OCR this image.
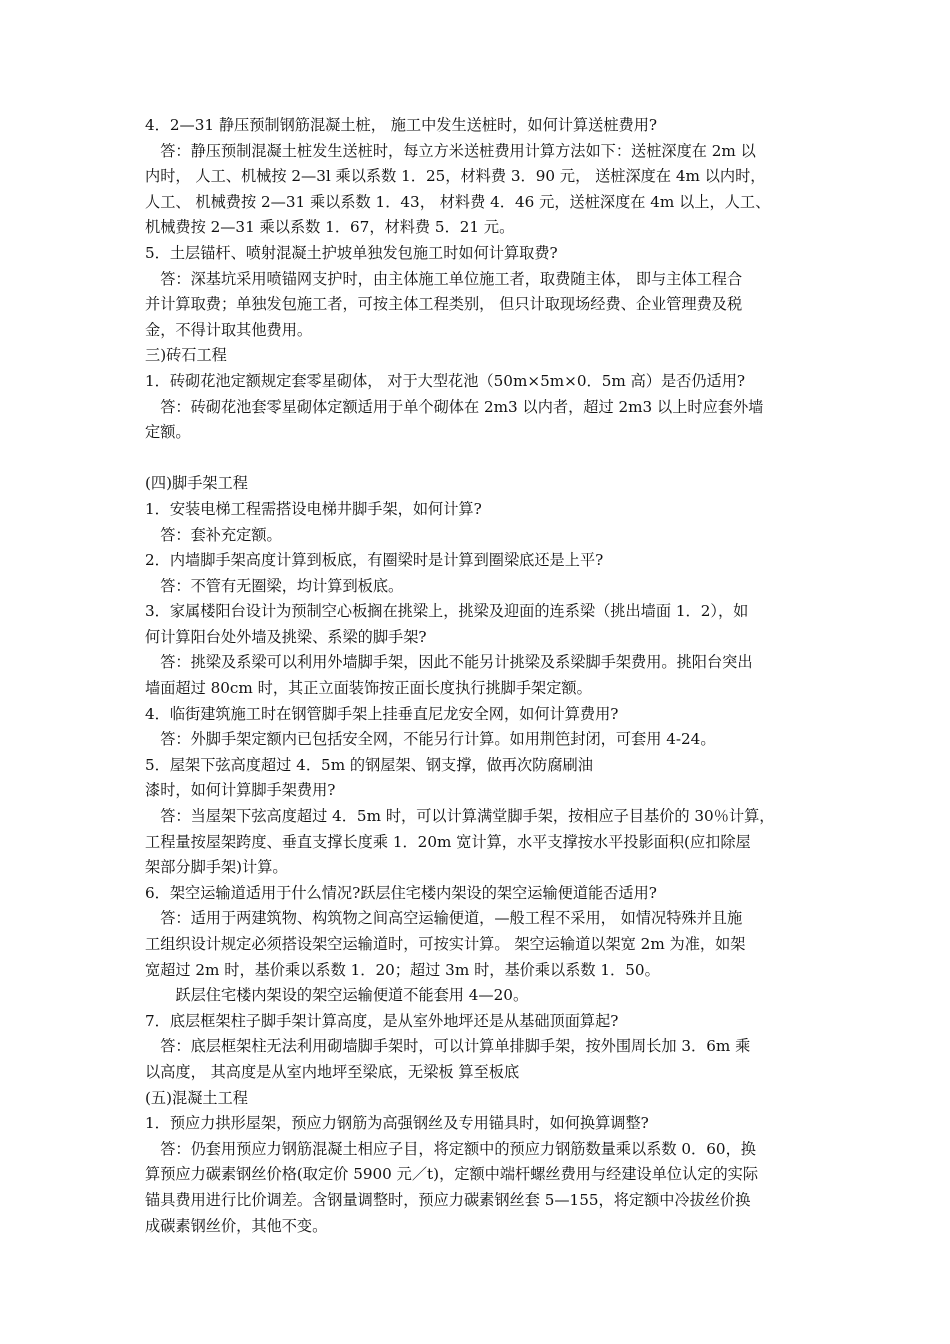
4．2—31 静压预制钢筋混凝土桩， 施工中发生送桩时，如何计算送桩费用?
　答：静压预制混凝土桩发生送桩时，每立方米送桩费用计算方法如下：送桩深度在 2m 以
内时， 人工、机械按 2—3l 乘以系数 1．25，材料费 3．90 元， 送桩深度在 4m 以内时，
人工、 机械费按 2—31 乘以系数 1．43， 材料费 4．46 元，送桩深度在 4m 以上，人工、
机械费按 2—31 乘以系数 1．67，材料费 5．21 元。
5．土层锚杆、喷射混凝土护坡单独发包施工时如何计算取费?
　答：深基坑采用喷锚网支护时，由主体施工单位施工者，取费随主体， 即与主体工程合
并计算取费；单独发包施工者，可按主体工程类别， 但只计取现场经费、企业管理费及税
金，不得计取其他费用。
三)砖石工程
1．砖砌花池定额规定套零星砌体， 对于大型花池（50m×5m×0．5m 高）是否仍适用?
　答：砖砌花池套零星砌体定额适用于单个砌体在 2m3 以内者，超过 2m3 以上时应套外墙
定额。
(四)脚手架工程
1．安装电梯工程需搭设电梯井脚手架，如何计算?
　答：套补充定额。
2．内墙脚手架高度计算到板底，有圈梁时是计算到圈梁底还是上平?
　答：不管有无圈梁，均计算到板底。
3．家属楼阳台设计为预制空心板搁在挑梁上，挑梁及迎面的连系梁（挑出墙面 1．2），如
何计算阳台处外墙及挑梁、系梁的脚手架?
　答：挑梁及系梁可以利用外墙脚手架，因此不能另计挑梁及系梁脚手架费用。挑阳台突出
墙面超过 80cm 时，其正立面装饰按正面长度执行挑脚手架定额。
4．临街建筑施工时在钢管脚手架上挂垂直尼龙安全网，如何计算费用?
　答：外脚手架定额内已包括安全网，不能另行计算。如用荆笆封闭，可套用 4-24。
5．屋架下弦高度超过 4．5m 的钢屋架、钢支撑，做再次防腐刷油
漆时，如何计算脚手架费用?
　答：当屋架下弦高度超过 4．5m 时，可以计算满堂脚手架，按相应子目基价的 30％计算，
工程量按屋架跨度、垂直支撑长度乘 1．20m 宽计算，水平支撑按水平投影面积(应扣除屋
架部分脚手架)计算。
6．架空运输道适用于什么情况?跃层住宅楼内架设的架空运输便道能否适用?
　答：适用于两建筑物、构筑物之间高空运输便道，—般工程不采用， 如情况特殊并且施
工组织设计规定必须搭设架空运输道时，可按实计算。 架空运输道以架宽 2m 为准，如架
宽超过 2m 时，基价乘以系数 1．20；超过 3m 时，基价乘以系数 1．50。
　　跃层住宅楼内架设的架空运输便道不能套用 4—20。
7．底层框架柱子脚手架计算高度，是从室外地坪还是从基础顶面算起?
　答：底层框架柱无法利用砌墙脚手架时，可以计算单排脚手架，按外围周长加 3．6m 乘
以高度， 其高度是从室内地坪至梁底，无梁板 算至板底
(五)混凝土工程
1．预应力拱形屋架，预应力钢筋为高强钢丝及专用锚具时，如何换算调整?
　答：仍套用预应力钢筋混凝土相应子目，将定额中的预应力钢筋数量乘以系数 0．60，换
算预应力碳素钢丝价格(取定价 5900 元／t)，定额中端杆螺丝费用与经建设单位认定的实际
锚具费用进行比价调差。含钢量调整时，预应力碳素钢丝套 5—155，将定额中冷拔丝价换
成碳素钢丝价，其他不变。
